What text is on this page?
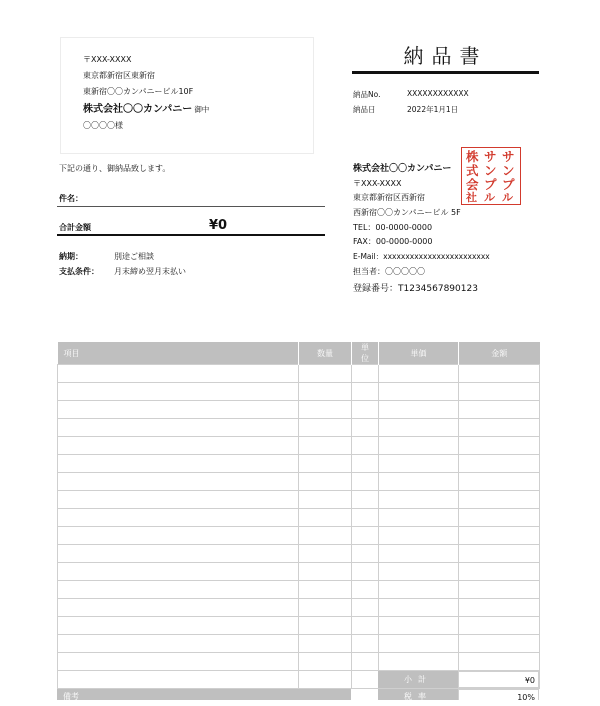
〒XXX-XXXX
東京都新宿区東新宿
東新宿〇〇カンパニービル10F
株式会社〇〇カンパニー 御中
〇〇〇〇様
納品書
納品No.	XXXXXXXXXXXX
納品日	2022年1月1日
下記の通り、御納品致します。
件名：
合計金額	¥0
納期：	別途ご相談
支払条件： 月末締め翌月末払い
株式会社〇〇カンパニー
〒XXX-XXXX
東京都新宿区西新宿
西新宿〇〇カンパニービル 5F
TEL：00-0000-0000
FAX：00-0000-0000
E-Mail：xxxxxxxxxxxxxxxxxxxxxxxx
担当者：〇〇〇〇〇
登録番号：T1234567890123
株
式
会
社
サ
ン
プ
ル
サ
ン
プ
ル
項目	数量	単位	単価	金額

小計	¥0
税率	10%
備考
